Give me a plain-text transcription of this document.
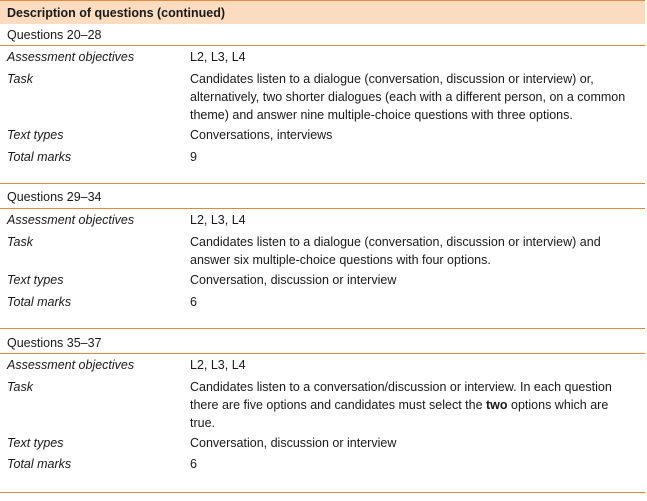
Description of questions (continued)
Questions 20–28
Assessment objectives	L2, L3, L4
Task	Candidates listen to a dialogue (conversation, discussion or interview) or, alternatively, two shorter dialogues (each with a different person, on a common theme) and answer nine multiple-choice questions with three options.
Text types	Conversations, interviews
Total marks	9
Questions 29–34
Assessment objectives	L2, L3, L4
Task	Candidates listen to a dialogue (conversation, discussion or interview) and answer six multiple-choice questions with four options.
Text types	Conversation, discussion or interview
Total marks	6
Questions 35–37
Assessment objectives	L2, L3, L4
Task	Candidates listen to a conversation/discussion or interview. In each question there are five options and candidates must select the two options which are true.
Text types	Conversation, discussion or interview
Total marks	6
